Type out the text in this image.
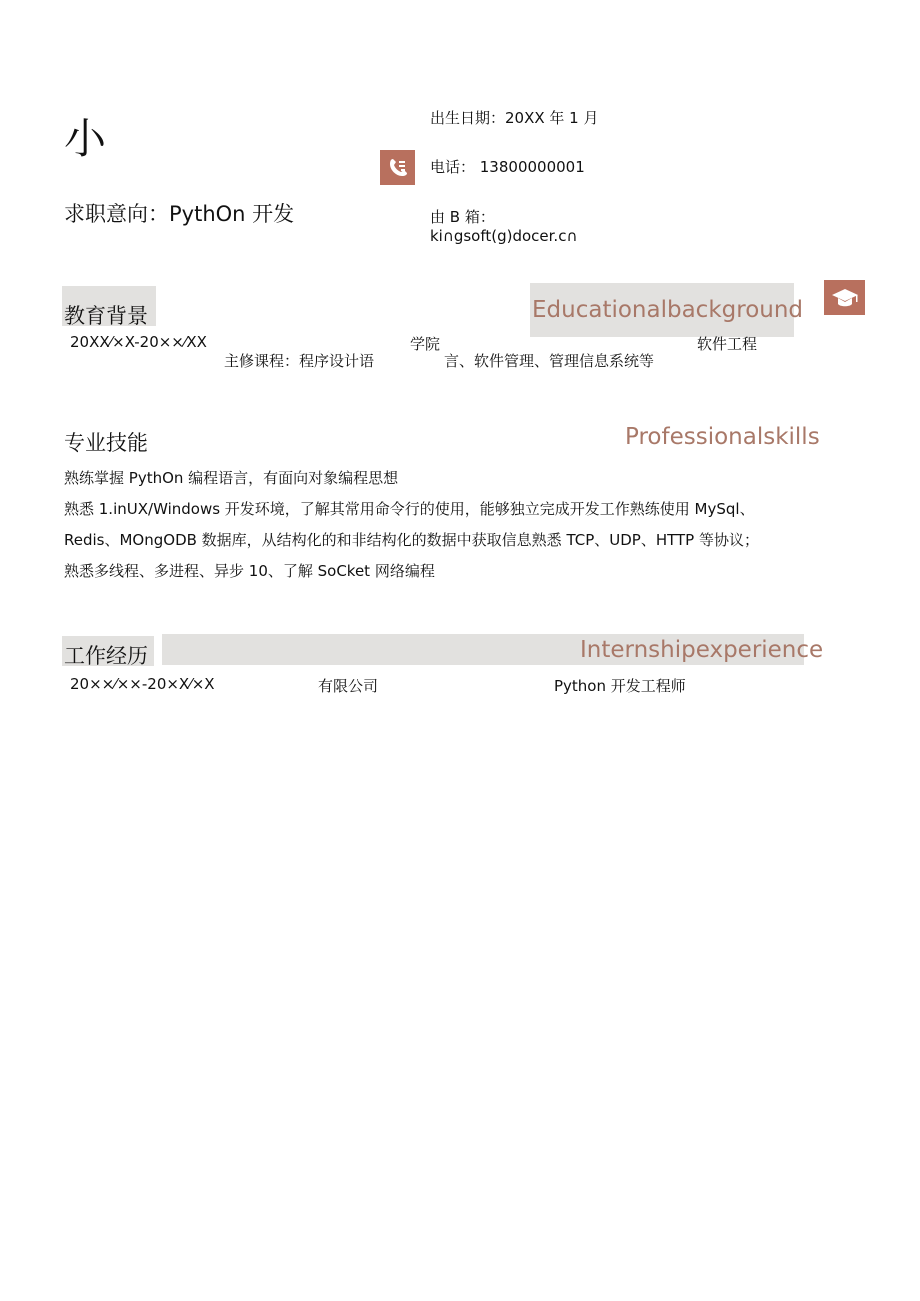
小
求职意向：PythOn 开发
出生日期：20XX 年 1 月
电话： 13800000001
由 B 箱：
ki∩gsoft(g)docer.c∩
教育背景	Educationalbackground
20XX⁄×X-20××⁄XX	学院	软件工程
主修课程：程序设计语	言、软件管理、管理信息系统等
专业技能	Professionalskills
熟练掌握 PythOn 编程语言，有面向对象编程思想
熟悉 1.inUX/Windows 开发环境，了解其常用命令行的使用，能够独立完成开发工作熟练使用 MySql、
Redis、MOngODB 数据库，从结构化的和非结构化的数据中获取信息熟悉 TCP、UDP、HTTP 等协议；
熟悉多线程、多进程、异步 10、了解 SoCket 网络编程
工作经历	Internshipexperience
20××⁄××-20×X⁄×X	有限公司	Python 开发工程师
